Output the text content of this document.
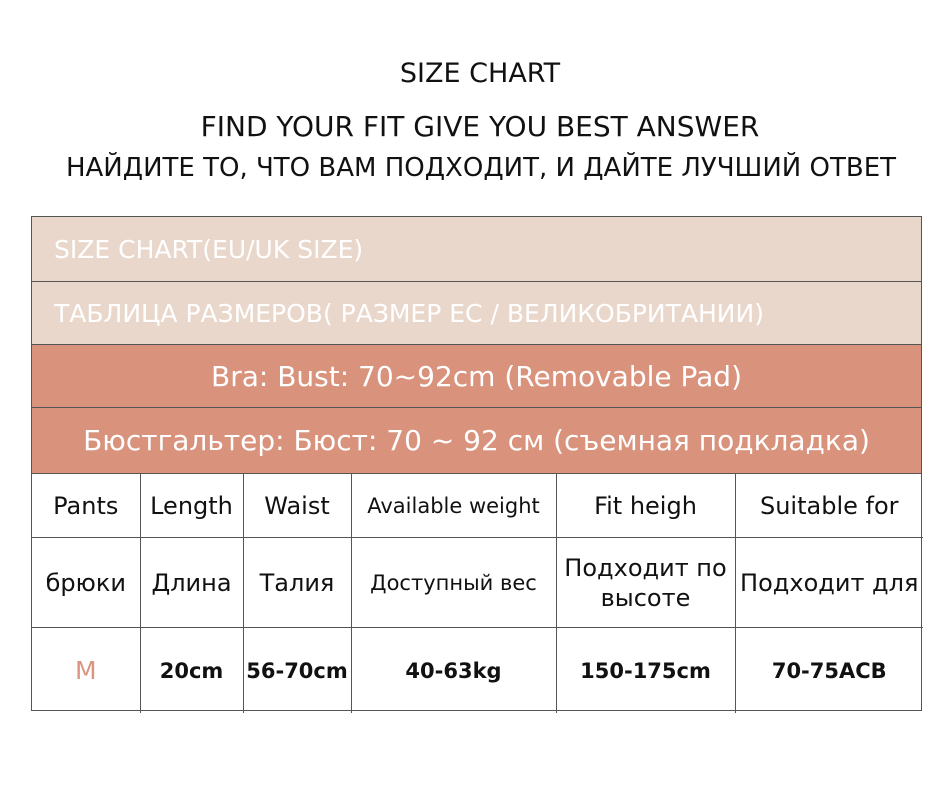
SIZE CHART
FIND YOUR FIT GIVE YOU BEST ANSWER
НАЙДИТЕ ТО, ЧТО ВАМ ПОДХОДИТ, И ДАЙТЕ ЛУЧШИЙ ОТВЕТ
SIZE CHART(EU/UK SIZE)
ТАБЛИЦА РАЗМЕРОВ( РАЗМЕР ЕС / ВЕЛИКОБРИТАНИИ)
Bra: Bust: 70~92cm (Removable Pad)
Бюстгальтер: Бюст: 70 ~ 92 см (съемная подкладка)
Pants	Length	Waist	Available weight	Fit heigh	Suitable for
брюки	Длина	Талия	Доступный вес	Подходит по высоте	Подходит для
M	20cm	56-70cm	40-63kg	150-175cm	70-75ACB
